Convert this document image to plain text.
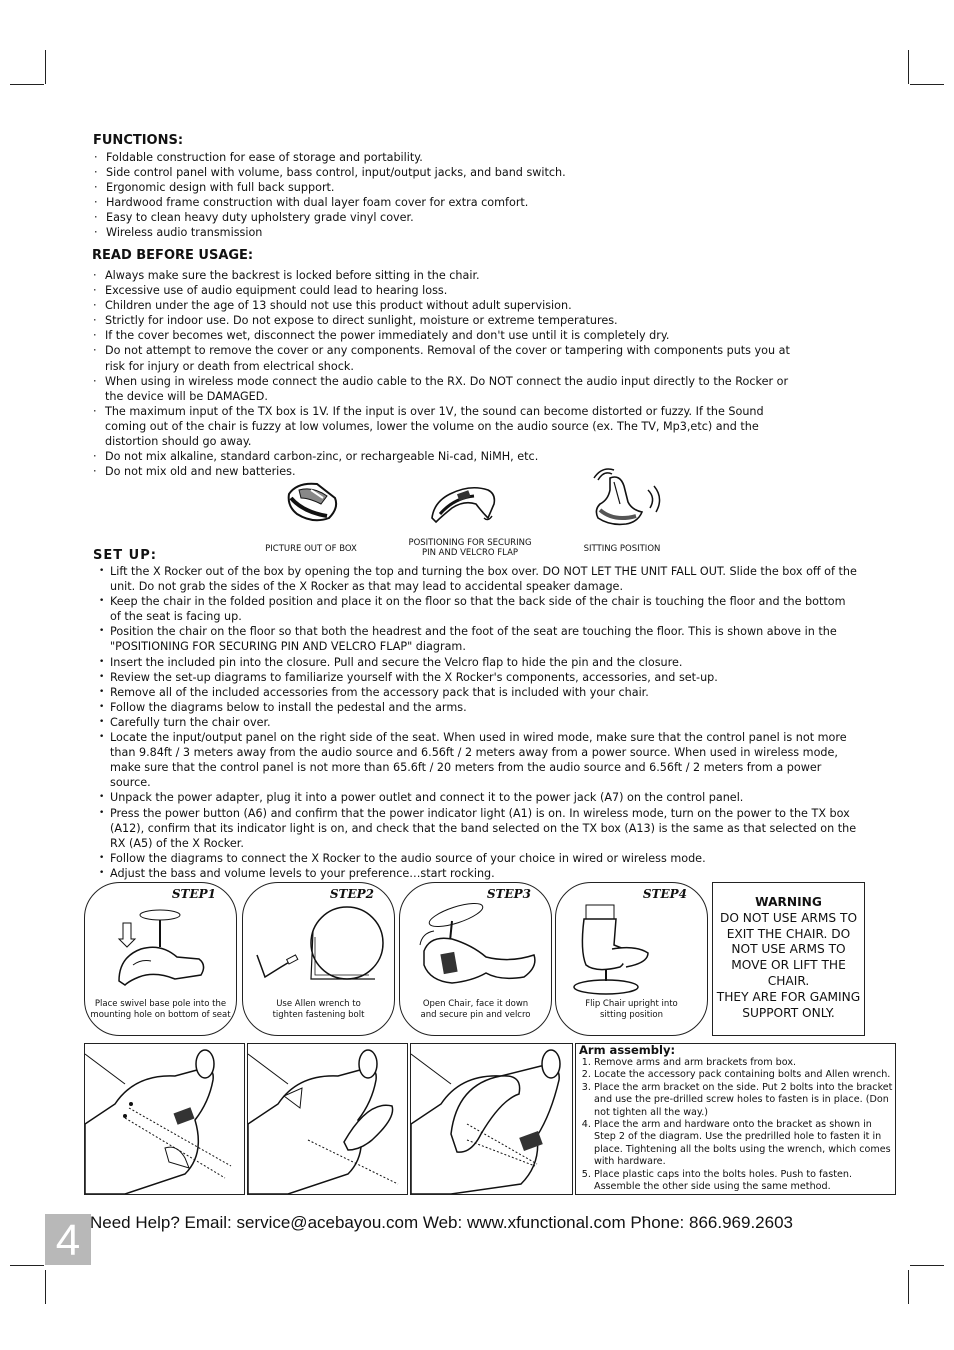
FUNCTIONS:
· Foldable construction for ease of storage and portability.
· Side control panel with volume, bass control, input/output jacks, and band switch.
· Ergonomic design with full back support.
· Hardwood frame construction with dual layer foam cover for extra comfort.
· Easy to clean heavy duty upholstery grade vinyl cover.
· Wireless audio transmission
READ BEFORE USAGE:
· Always make sure the backrest is locked before sitting in the chair.
· Excessive use of audio equipment could lead to hearing loss.
· Children under the age of 13 should not use this product without adult supervision.
· Strictly for indoor use. Do not expose to direct sunlight, moisture or extreme temperatures.
· If the cover becomes wet, disconnect the power immediately and don't use until it is completely dry.
· Do not attempt to remove the cover or any components. Removal of the cover or tampering with components puts you at risk for injury or death from electrical shock.
· When using in wireless mode connect the audio cable to the RX. Do NOT connect the audio input directly to the Rocker or the device will be DAMAGED.
· The maximum input of the TX box is 1V. If the input is over 1V, the sound can become distorted or fuzzy. If the Sound coming out of the chair is fuzzy at low volumes, lower the volume on the audio source (ex. The TV, Mp3,etc) and the distortion should go away.
· Do not mix alkaline, standard carbon-zinc, or rechargeable Ni-cad, NiMH, etc.
· Do not mix old and new batteries.
PICTURE OUT OF BOX
POSITIONING FOR SECURING
PIN AND VELCRO FLAP	SITTING POSITION
SET UP:
• Lift the X Rocker out of the box by opening the top and turning the box over. DO NOT LET THE UNIT FALL OUT. Slide the box off of the unit. Do not grab the sides of the X Rocker as that may lead to accidental speaker damage.
• Keep the chair in the folded position and place it on the floor so that the back side of the chair is touching the floor and the bottom of the seat is facing up.
• Position the chair on the floor so that both the headrest and the foot of the seat are touching the floor. This is shown above in the "POSITIONING FOR SECURING PIN AND VELCRO FLAP" diagram.
• Insert the included pin into the closure. Pull and secure the Velcro flap to hide the pin and the closure.
• Review the set-up diagrams to familiarize yourself with the X Rocker's components, accessories, and set-up.
• Remove all of the included accessories from the accessory pack that is included with your chair.
• Follow the diagrams below to install the pedestal and the arms.
• Carefully turn the chair over.
• Locate the input/output panel on the right side of the seat. When used in wired mode, make sure that the control panel is not more than 9.84ft / 3 meters away from the audio source and 6.56ft / 2 meters away from a power source. When used in wireless mode, make sure that the control panel is not more than 65.6ft / 20 meters from the audio source and 6.56ft / 2 meters from a power source.
• Unpack the power adapter, plug it into a power outlet and connect it to the power jack (A7) on the control panel.
• Press the power button (A6) and confirm that the power indicator light (A1) is on. In wireless mode, turn on the power to the TX box (A12), confirm that its indicator light is on, and check that the band selected on the TX box (A13) is the same as that selected on the RX (A5) of the X Rocker.
• Follow the diagrams to connect the X Rocker to the audio source of your choice in wired or wireless mode.
• Adjust the bass and volume levels to your preference…start rocking.
STEP1
Place swivel base pole into the
mounting hole on bottom of seat
STEP2
Use Allen wrench to
tighten fastening bolt
STEP3
Open Chair, face it down
and secure pin and velcro
STEP4
Flip Chair upright into
sitting position
WARNING
DO NOT USE ARMS TO
EXIT THE CHAIR. DO
NOT USE ARMS TO
MOVE OR LIFT THE
CHAIR.
THEY ARE FOR GAMING
SUPPORT ONLY.
Arm assembly:
1. Remove arms and arm brackets from box.
2. Locate the accessory pack containing bolts and Allen wrench.
3. Place the arm bracket on the side. Put 2 bolts into the bracket and use the pre-drilled screw holes to fasten is in place. (Don not tighten all the way.)
4. Place the arm and hardware onto the bracket as shown in Step 2 of the diagram. Use the predrilled hole to fasten it in place. Tightening all the bolts using the wrench, which comes with hardware.
5. Place plastic caps into the bolts holes. Push to fasten. Assemble the other side using the same method.
4 Need Help? Email: service@acebayou.com Web: www.xfunctional.com Phone: 866.969.2603
